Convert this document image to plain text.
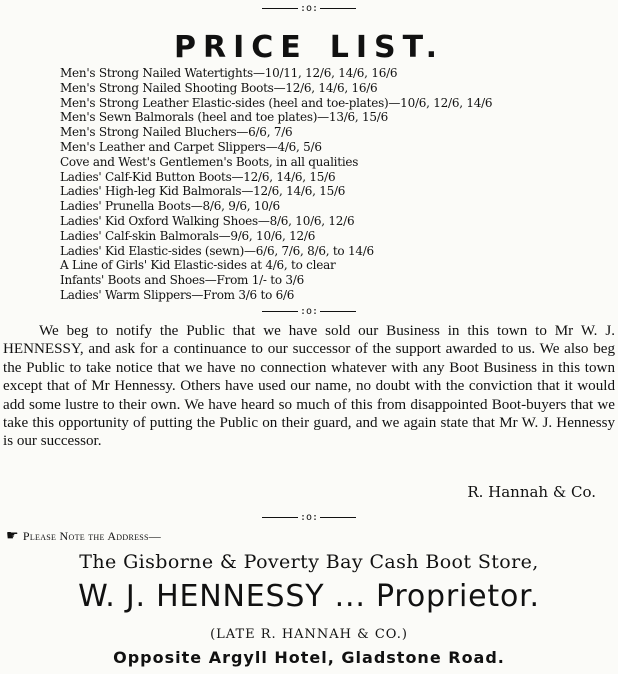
:o:
PRICE LIST.
Men's Strong Nailed Watertights—10/11, 12/6, 14/6, 16/6
Men's Strong Nailed Shooting Boots—12/6, 14/6, 16/6
Men's Strong Leather Elastic-sides (heel and toe-plates)—10/6, 12/6, 14/6
Men's Sewn Balmorals (heel and toe plates)—13/6, 15/6
Men's Strong Nailed Bluchers—6/6, 7/6
Men's Leather and Carpet Slippers—4/6, 5/6
Cove and West's Gentlemen's Boots, in all qualities
Ladies' Calf-Kid Button Boots—12/6, 14/6, 15/6
Ladies' High-leg Kid Balmorals—12/6, 14/6, 15/6
Ladies' Prunella Boots—8/6, 9/6, 10/6
Ladies' Kid Oxford Walking Shoes—8/6, 10/6, 12/6
Ladies' Calf-skin Balmorals—9/6, 10/6, 12/6
Ladies' Kid Elastic-sides (sewn)—6/6, 7/6, 8/6, to 14/6
A Line of Girls' Kid Elastic-sides at 4/6, to clear
Infants' Boots and Shoes—From 1/- to 3/6
Ladies' Warm Slippers—From 3/6 to 6/6
:o:

We beg to notify the Public that we have sold our Business in this town to Mr W. J. HENNESSY, and ask for a continuance to our successor of the support awarded to us. We also beg the Public to take notice that we have no connection whatever with any Boot Business in this town except that of Mr Hennessy. Others have used our name, no doubt with the conviction that it would add some lustre to their own. We have heard so much of this from disappointed Boot-buyers that we take this opportunity of putting the Public on their guard, and we again state that Mr W. J. Hennessy is our successor.

R. Hannah & Co.
:o:
☛ Please Note the Address—
The Gisborne & Poverty Bay Cash Boot Store,
W. J. HENNESSY ... Proprietor.
(LATE R. HANNAH & CO.)
Opposite Argyll Hotel, Gladstone Road.
